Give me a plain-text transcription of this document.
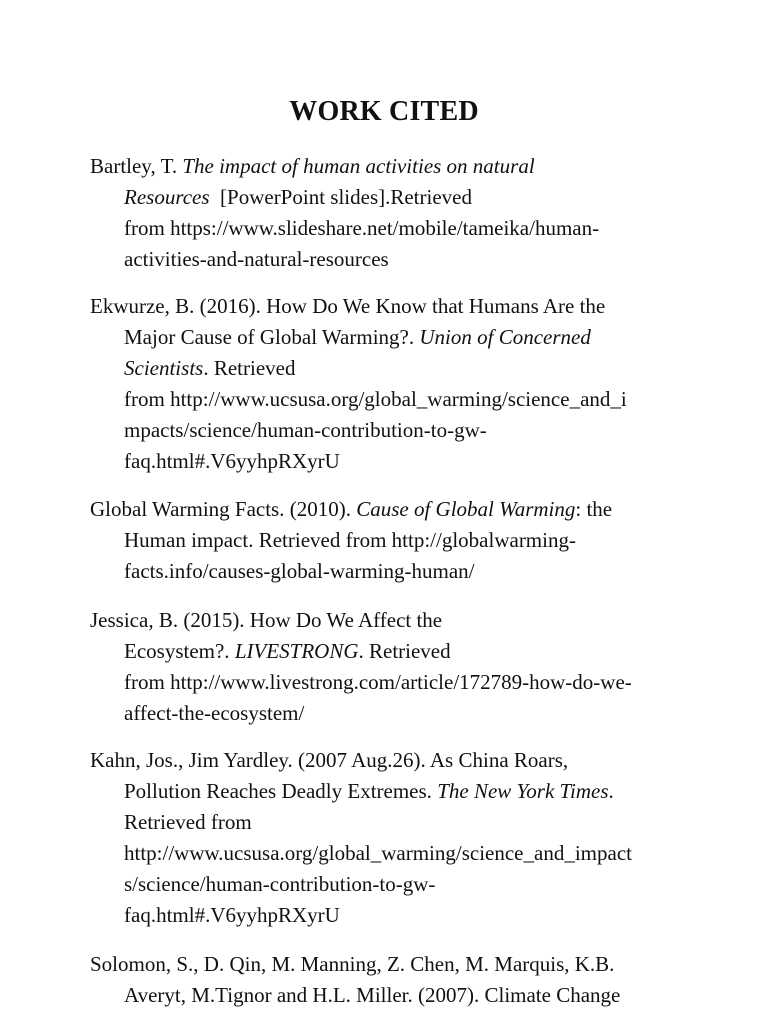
WORK CITED
Bartley, T. The impact of human activities on natural
Resources  [PowerPoint slides].Retrieved
from https://www.slideshare.net/mobile/tameika/human-
activities-and-natural-resources
Ekwurze, B. (2016). How Do We Know that Humans Are the
Major Cause of Global Warming?. Union of Concerned
Scientists. Retrieved
from http://www.ucsusa.org/global_warming/science_and_i
mpacts/science/human-contribution-to-gw-
faq.html#.V6yyhpRXyrU
Global Warming Facts. (2010). Cause of Global Warming: the
Human impact. Retrieved from http://globalwarming-
facts.info/causes-global-warming-human/
Jessica, B. (2015). How Do We Affect the
Ecosystem?. LIVESTRONG. Retrieved
from http://www.livestrong.com/article/172789-how-do-we-
affect-the-ecosystem/
Kahn, Jos., Jim Yardley. (2007 Aug.26). As China Roars,
Pollution Reaches Deadly Extremes. The New York Times.
Retrieved from
http://www.ucsusa.org/global_warming/science_and_impact
s/science/human-contribution-to-gw-
faq.html#.V6yyhpRXyrU
Solomon, S., D. Qin, M. Manning, Z. Chen, M. Marquis, K.B.
Averyt, M.Tignor and H.L. Miller. (2007). Climate Change
